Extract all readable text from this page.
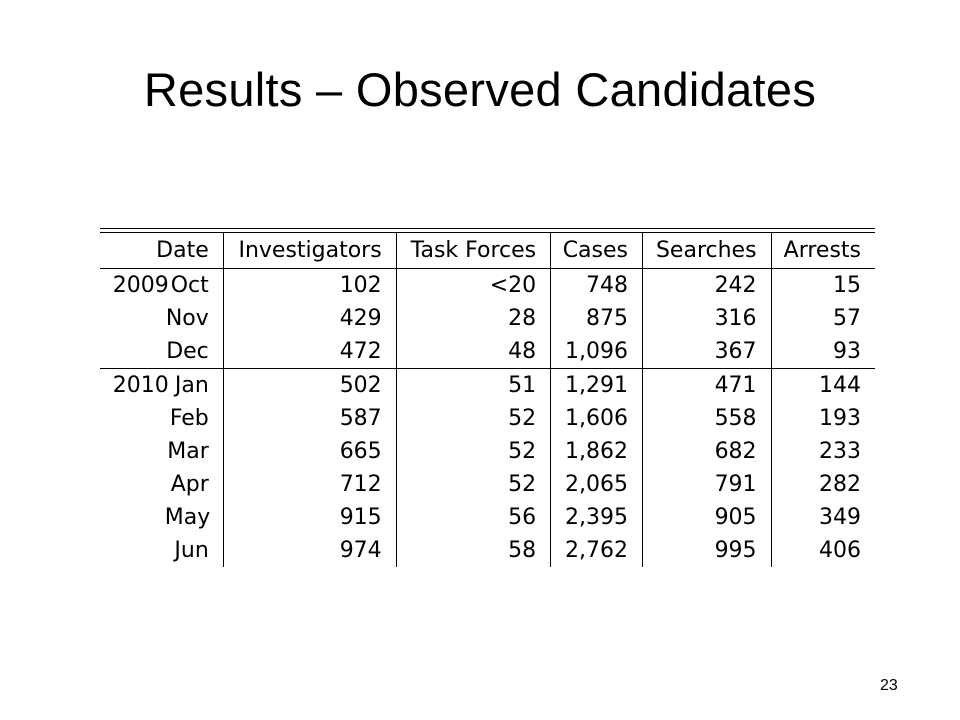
Results – Observed Candidates
Date	Investigators	Task Forces	Cases	Searches	Arrests
2009Oct	102	<20	748	242	15
Nov	429	28	875	316	57
Dec	472	48	1,096	367	93
2010 Jan	502	51	1,291	471	144
Feb	587	52	1,606	558	193
Mar	665	52	1,862	682	233
Apr	712	52	2,065	791	282
May	915	56	2,395	905	349
Jun	974	58	2,762	995	406
23
